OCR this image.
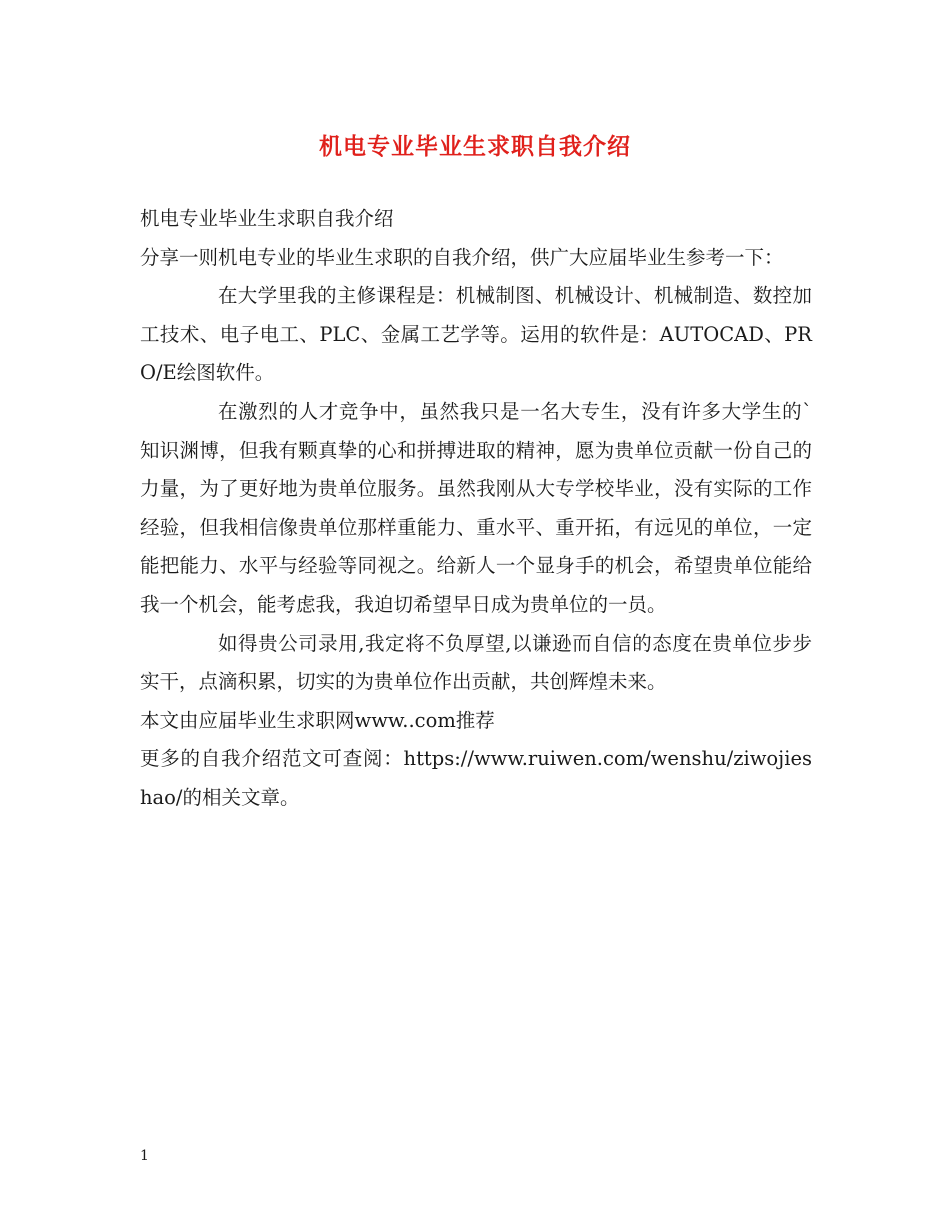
机电专业毕业生求职自我介绍

机电专业毕业生求职自我介绍

分享一则机电专业的毕业生求职的自我介绍，供广大应届毕业生参考一下：

在大学里我的主修课程是：机械制图、机械设计、机械制造、数控加工技术、电子电工、PLC、金属工艺学等。运用的软件是：AUTOCAD、PRO/E绘图软件。

在激烈的人才竞争中，虽然我只是一名大专生，没有许多大学生的`知识渊博，但我有颗真挚的心和拼搏进取的精神，愿为贵单位贡献一份自己的力量，为了更好地为贵单位服务。虽然我刚从大专学校毕业，没有实际的工作经验，但我相信像贵单位那样重能力、重水平、重开拓，有远见的单位，一定能把能力、水平与经验等同视之。给新人一个显身手的机会，希望贵单位能给我一个机会，能考虑我，我迫切希望早日成为贵单位的一员。

如得贵公司录用,我定将不负厚望,以谦逊而自信的态度在贵单位步步实干，点滴积累，切实的为贵单位作出贡献，共创辉煌未来。

本文由应届毕业生求职网www..com推荐

更多的自我介绍范文可查阅：https://www.ruiwen.com/wenshu/ziwojieshao/的相关文章。

1
